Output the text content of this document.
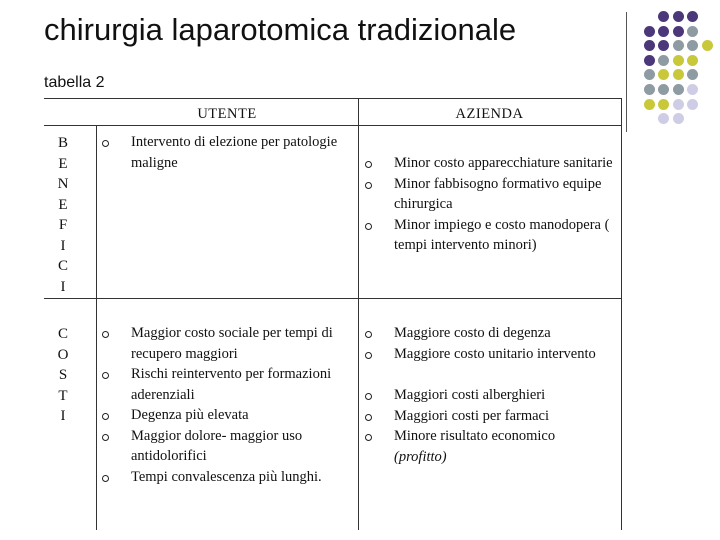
chirurgia laparotomica tradizionale
tabella 2
UTENTE	AZIENDA
B
E
N
E
F
I
C
I
C
O
S
T
I
Intervento di elezione per patologie maligne	Minor costo apparecchiature sanitarie
Minor fabbisogno formativo equipe chirurgica
Minor impiego e costo manodopera ( tempi intervento minori)
Maggior costo sociale per tempi di recupero maggiori
Rischi reintervento per formazioni aderenziali
Degenza più elevata
Maggior dolore- maggior uso antidolorifici
Tempi convalescenza più lunghi.
Maggiore costo di degenza
Maggiore costo unitario intervento
Maggiori costi alberghieri
Maggiori costi per farmaci
Minore risultato economico
(profitto)
